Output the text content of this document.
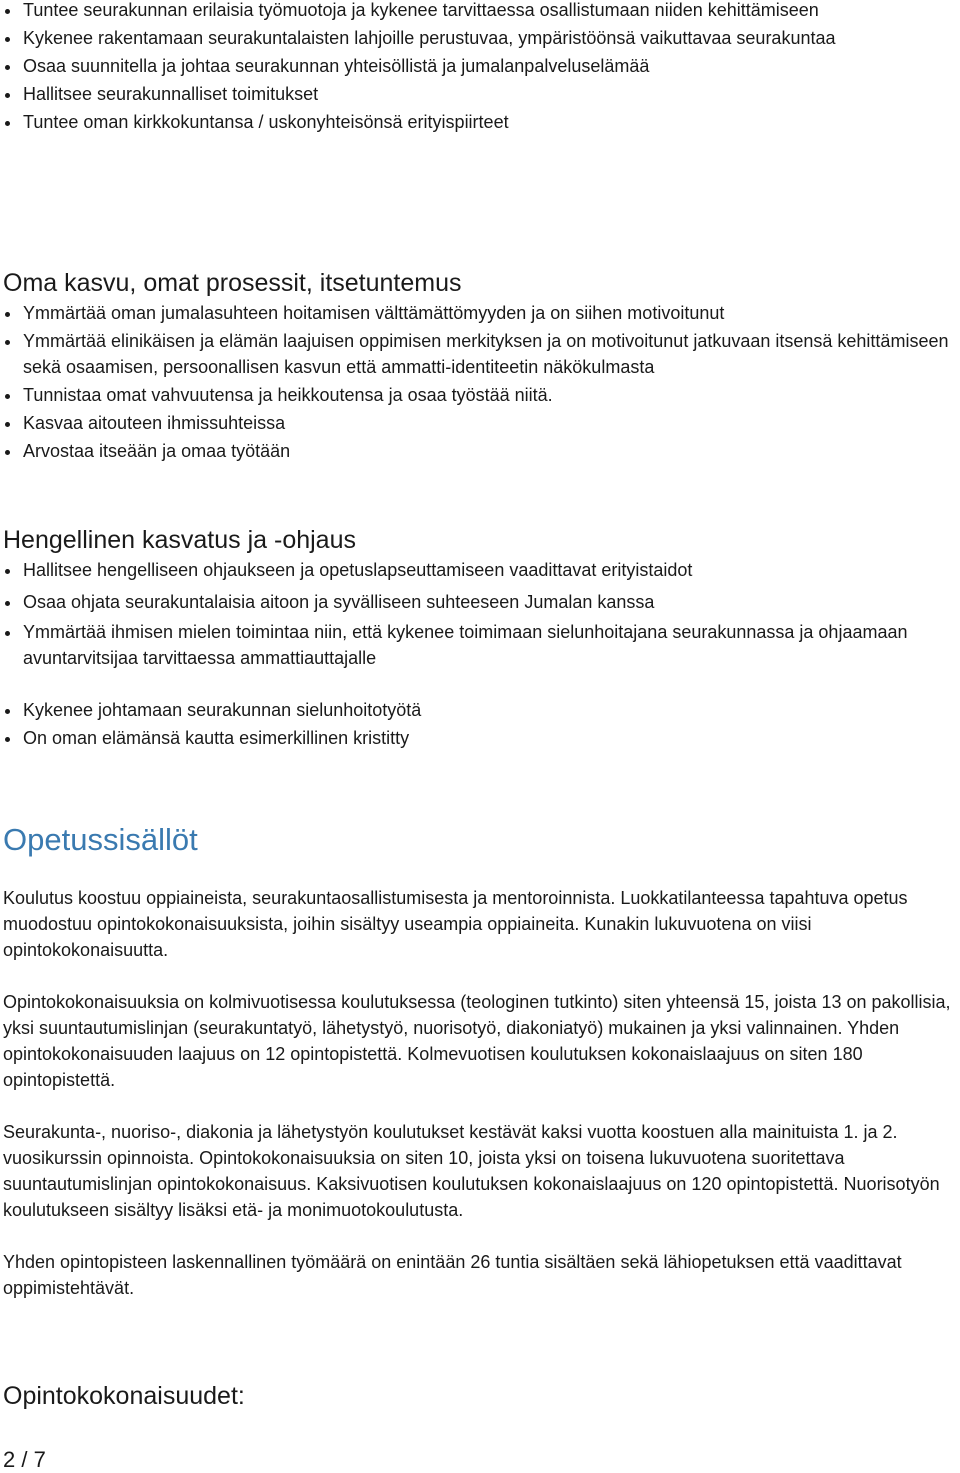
Tuntee seurakunnan erilaisia työmuotoja ja kykenee tarvittaessa osallistumaan niiden kehittämiseen
Kykenee rakentamaan seurakuntalaisten lahjoille perustuvaa, ympäristöönsä vaikuttavaa seurakuntaa
Osaa suunnitella ja johtaa seurakunnan yhteisöllistä ja jumalanpalveluselämää
Hallitsee seurakunnalliset toimitukset
Tuntee oman kirkkokuntansa / uskonyhteisönsä erityispiirteet
Oma kasvu, omat prosessit, itsetuntemus
Ymmärtää oman jumalasuhteen hoitamisen välttämättömyyden ja on siihen motivoitunut
Ymmärtää elinikäisen ja elämän laajuisen oppimisen merkityksen ja on motivoitunut jatkuvaan itsensä kehittämiseen sekä osaamisen, persoonallisen kasvun että ammatti-identiteetin näkökulmasta
Tunnistaa omat vahvuutensa ja heikkoutensa ja osaa työstää niitä.
Kasvaa aitouteen ihmissuhteissa
Arvostaa itseään ja omaa työtään
Hengellinen kasvatus ja -ohjaus
Hallitsee hengelliseen ohjaukseen ja opetuslapseuttamiseen vaadittavat erityistaidot
Osaa ohjata seurakuntalaisia aitoon ja syvälliseen suhteeseen Jumalan kanssa
Ymmärtää ihmisen mielen toimintaa niin, että kykenee toimimaan sielunhoitajana seurakunnassa ja ohjaamaan avuntarvitsijaa tarvittaessa ammattiauttajalle
Kykenee johtamaan seurakunnan sielunhoitotyötä
On oman elämänsä kautta esimerkillinen kristitty
Opetussisällöt

Koulutus koostuu oppiaineista, seurakuntaosallistumisesta ja mentoroinnista. Luokkatilanteessa tapahtuva opetus muodostuu opintokokonaisuuksista, joihin sisältyy useampia oppiaineita. Kunakin lukuvuotena on viisi opintokokonaisuutta.

Opintokokonaisuuksia on kolmivuotisessa koulutuksessa (teologinen tutkinto) siten yhteensä 15, joista 13 on pakollisia, yksi suuntautumislinjan (seurakuntatyö, lähetystyö, nuorisotyö, diakoniatyö) mukainen ja yksi valinnainen. Yhden opintokokonaisuuden laajuus on 12 opintopistettä. Kolmevuotisen koulutuksen kokonaislaajuus on siten 180 opintopistettä.

Seurakunta-, nuoriso-, diakonia ja lähetystyön koulutukset kestävät kaksi vuotta koostuen alla mainituista 1. ja 2. vuosikurssin opinnoista. Opintokokonaisuuksia on siten 10, joista yksi on toisena lukuvuotena suoritettava suuntautumislinjan opintokokonaisuus. Kaksivuotisen koulutuksen kokonaislaajuus on 120 opintopistettä. Nuorisotyön koulutukseen sisältyy lisäksi etä- ja monimuotokoulutusta.

Yhden opintopisteen laskennallinen työmäärä on enintään 26 tuntia sisältäen sekä lähiopetuksen että vaadittavat oppimistehtävät.

Opintokokonaisuudet:
2 / 7
